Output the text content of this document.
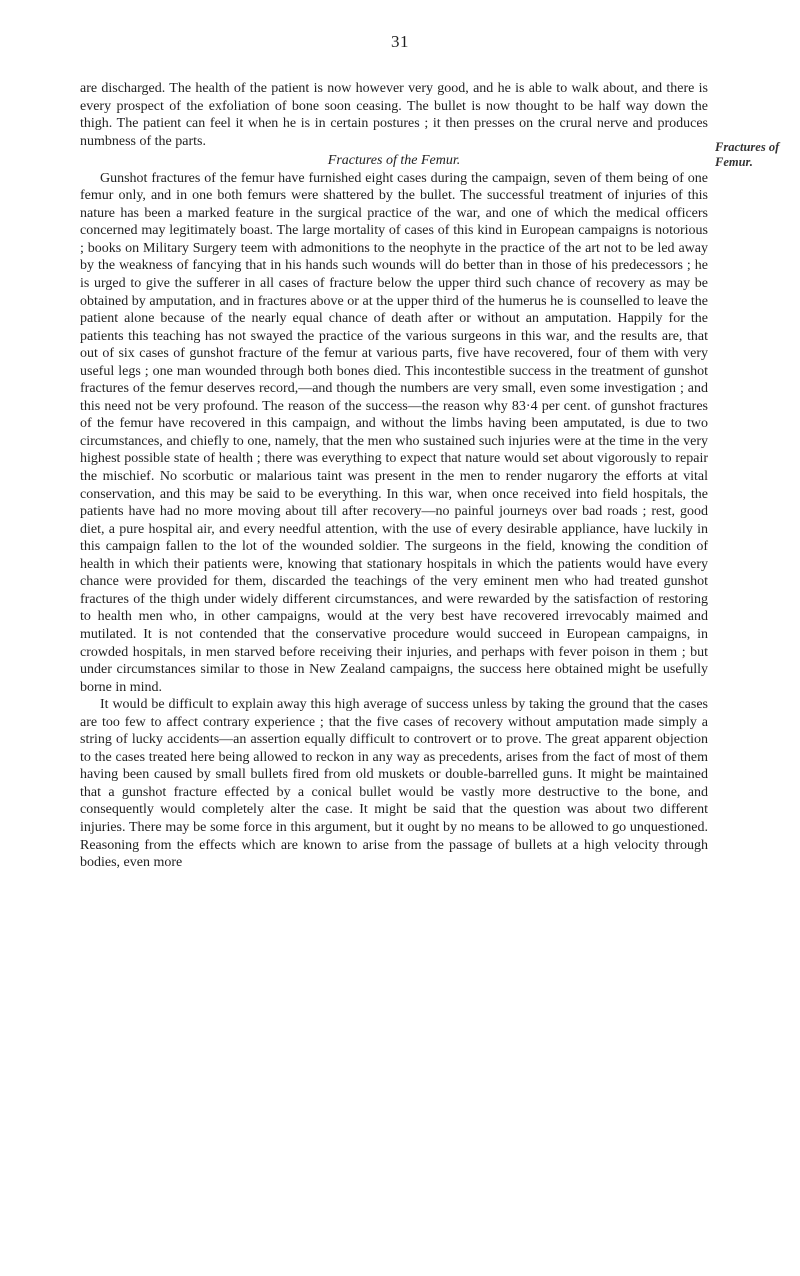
31

are discharged. The health of the patient is now however very good, and he is able to walk about, and there is every prospect of the exfoliation of bone soon ceasing. The bullet is now thought to be half way down the thigh. The patient can feel it when he is in certain postures ; it then presses on the crural nerve and produces numbness of the parts.

Fractures of the Femur.

Gunshot fractures of the femur have furnished eight cases during the campaign, seven of them being of one femur only, and in one both femurs were shattered by the bullet. The successful treatment of injuries of this nature has been a marked feature in the surgical practice of the war, and one of which the medical officers concerned may legitimately boast. The large mortality of cases of this kind in European campaigns is notorious ; books on Military Surgery teem with admonitions to the neophyte in the practice of the art not to be led away by the weakness of fancying that in his hands such wounds will do better than in those of his predecessors ; he is urged to give the sufferer in all cases of fracture below the upper third such chance of recovery as may be obtained by amputation, and in fractures above or at the upper third of the humerus he is counselled to leave the patient alone because of the nearly equal chance of death after or without an amputation. Happily for the patients this teaching has not swayed the practice of the various surgeons in this war, and the results are, that out of six cases of gunshot fracture of the femur at various parts, five have recovered, four of them with very useful legs ; one man wounded through both bones died. This incontestible success in the treatment of gunshot fractures of the femur deserves record,—and though the numbers are very small, even some investigation ; and this need not be very profound. The reason of the success—the reason why 83·4 per cent. of gunshot fractures of the femur have recovered in this campaign, and without the limbs having been amputated, is due to two circumstances, and chiefly to one, namely, that the men who sustained such injuries were at the time in the very highest possible state of health ; there was everything to expect that nature would set about vigorously to repair the mischief. No scorbutic or malarious taint was present in the men to render nugarory the efforts at vital conservation, and this may be said to be everything. In this war, when once received into field hospitals, the patients have had no more moving about till after recovery—no painful journeys over bad roads ; rest, good diet, a pure hospital air, and every needful attention, with the use of every desirable appliance, have luckily in this campaign fallen to the lot of the wounded soldier. The surgeons in the field, knowing the condition of health in which their patients were, knowing that stationary hospitals in which the patients would have every chance were provided for them, discarded the teachings of the very eminent men who had treated gunshot fractures of the thigh under widely different circumstances, and were rewarded by the satisfaction of restoring to health men who, in other campaigns, would at the very best have recovered irrevocably maimed and mutilated. It is not contended that the conservative procedure would succeed in European campaigns, in crowded hospitals, in men starved before receiving their injuries, and perhaps with fever poison in them ; but under circumstances similar to those in New Zealand campaigns, the success here obtained might be usefully borne in mind.

It would be difficult to explain away this high average of success unless by taking the ground that the cases are too few to affect contrary experience ; that the five cases of recovery without amputation made simply a string of lucky accidents—an assertion equally difficult to controvert or to prove. The great apparent objection to the cases treated here being allowed to reckon in any way as precedents, arises from the fact of most of them having been caused by small bullets fired from old muskets or double-barrelled guns. It might be maintained that a gunshot fracture effected by a conical bullet would be vastly more destructive to the bone, and consequently would completely alter the case. It might be said that the question was about two different injuries. There may be some force in this argument, but it ought by no means to be allowed to go unquestioned. Reasoning from the effects which are known to arise from the passage of bullets at a high velocity through bodies, even more

Fractures of Femur.
